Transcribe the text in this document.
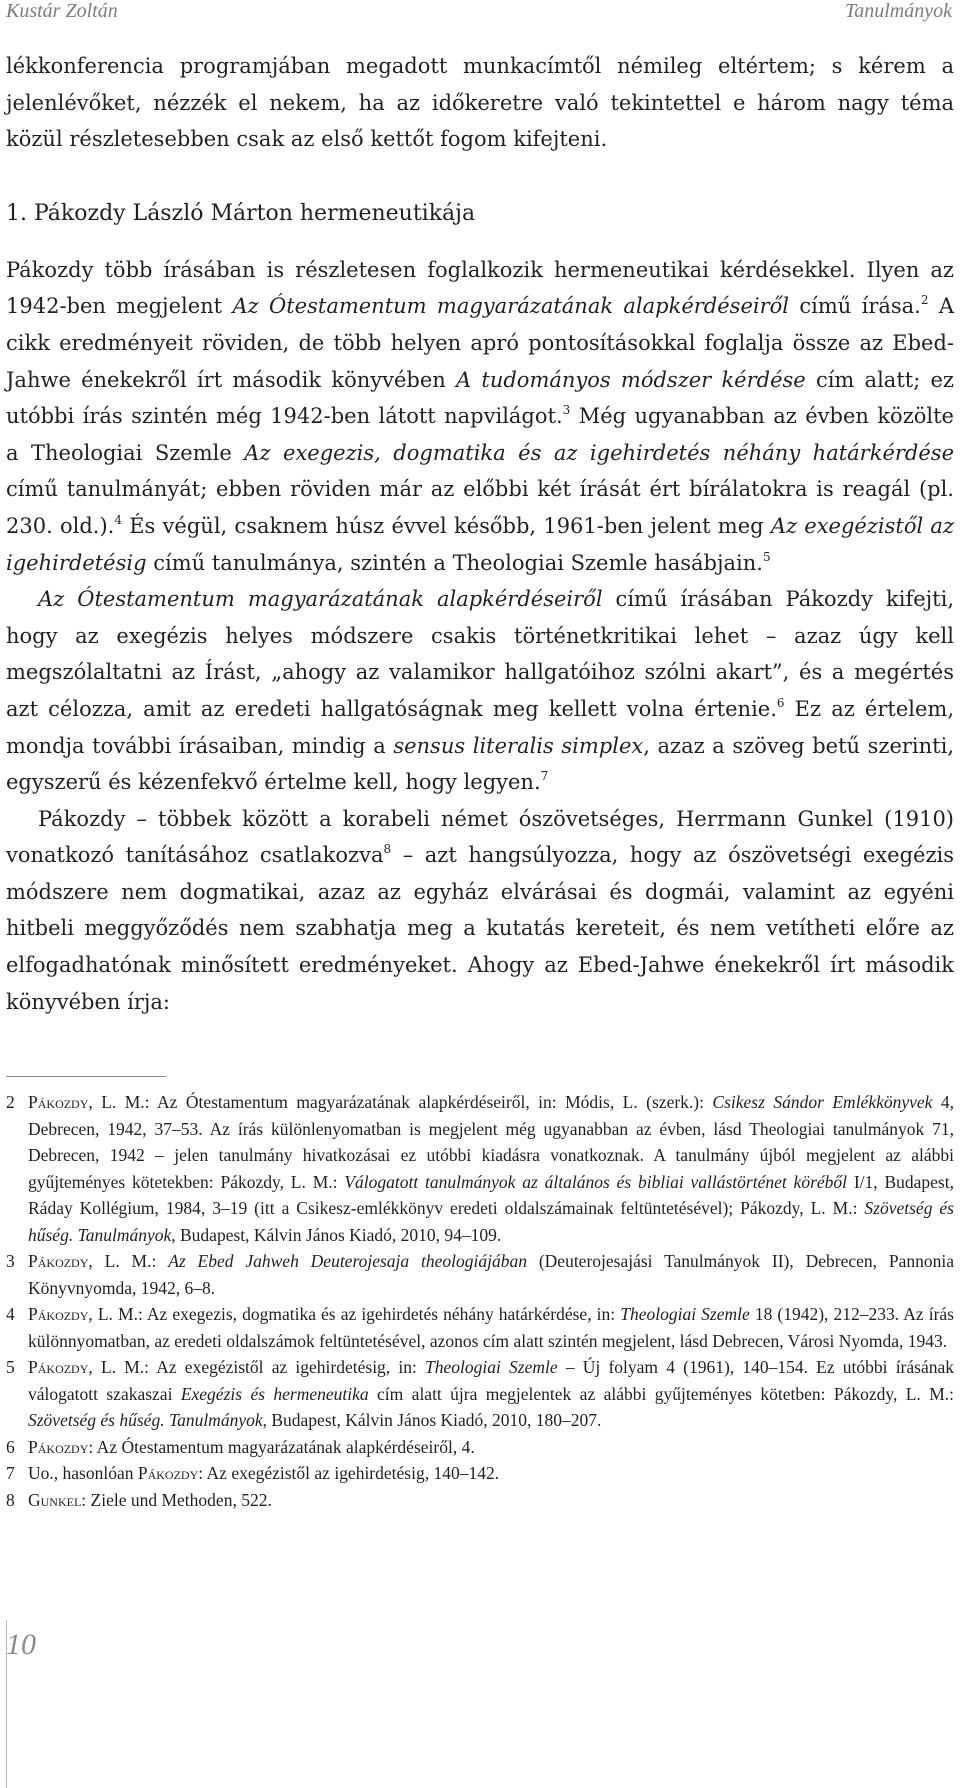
Kustár Zoltán	Tanulmányok

lékkonferencia programjában megadott munkacímtől némileg eltértem; s kérem a jelenlévőket, nézzék el nekem, ha az időkeretre való tekintettel e három nagy téma közül részletesebben csak az első kettőt fogom kifejteni.

1. Pákozdy László Márton hermeneutikája

Pákozdy több írásában is részletesen foglalkozik hermeneutikai kérdésekkel. Ilyen az 1942-ben megjelent Az Ótestamentum magyarázatának alapkérdéseiről című írása.$^2$ A cikk eredményeit röviden, de több helyen apró pontosításokkal foglalja össze az Ebed-Jahwe énekekről írt második könyvében A tudományos módszer kérdése cím alatt; ez utóbbi írás szintén még 1942-ben látott napvilágot.$^3$ Még ugyanabban az évben közölte a Theologiai Szemle Az exegezis, dogmatika és az igehirdetés néhány határkérdése című tanulmányát; ebben röviden már az előbbi két írását ért bírálatokra is reagál (pl. 230. old.).$^4$ És végül, csaknem húsz évvel később, 1961-ben jelent meg Az exegézistől az igehirdetésig című tanulmánya, szintén a Theologiai Szemle hasábjain.$^5$

Az Ótestamentum magyarázatának alapkérdéseiről című írásában Pákozdy kifejti, hogy az exegézis helyes módszere csakis történetkritikai lehet – azaz úgy kell megszólaltatni az Írást, „ahogy az valamikor hallgatóihoz szólni akart”, és a megértés azt célozza, amit az eredeti hallgatóságnak meg kellett volna értenie.$^6$ Ez az értelem, mondja további írásaiban, mindig a sensus literalis simplex, azaz a szöveg betű szerinti, egyszerű és kézenfekvő értelme kell, hogy legyen.$^7$

Pákozdy – többek között a korabeli német ószövetséges, Herrmann Gunkel (1910) vonatkozó tanításához csatlakozva$^8$ – azt hangsúlyozza, hogy az ószövetségi exegézis módszere nem dogmatikai, azaz az egyház elvárásai és dogmái, valamint az egyéni hitbeli meggyőződés nem szabhatja meg a kutatás kereteit, és nem vetítheti előre az elfogadhatónak minősített eredményeket. Ahogy az Ebed-Jahwe énekekről írt második könyvében írja:

2 Pákozdy, L. M.: Az Ótestamentum magyarázatának alapkérdéseiről, in: Módis, L. (szerk.): Csikesz Sándor Emlékkönyvek 4, Debrecen, 1942, 37–53. Az írás különlenyomatban is megjelent még ugyanabban az évben, lásd Theologiai tanulmányok 71, Debrecen, 1942 – jelen tanulmány hivatkozásai ez utóbbi kiadásra vonatkoznak. A tanulmány újból megjelent az alábbi gyűjteményes kötetekben: Pákozdy, L. M.: Válogatott tanulmányok az általános és bibliai vallástörténet köréből I/1, Budapest, Ráday Kollégium, 1984, 3–19 (itt a Csikesz-emlékkönyv eredeti oldalszámainak feltüntetésével); Pákozdy, L. M.: Szövetség és hűség. Tanulmányok, Budapest, Kálvin János Kiadó, 2010, 94–109.
3 Pákozdy, L. M.: Az Ebed Jahweh Deuterojesaja theologiájában (Deuterojesajási Tanulmányok II), Debrecen, Pannonia Könyvnyomda, 1942, 6–8.
4 Pákozdy, L. M.: Az exegezis, dogmatika és az igehirdetés néhány határkérdése, in: Theologiai Szemle 18 (1942), 212–233. Az írás különnyomatban, az eredeti oldalszámok feltüntetésével, azonos cím alatt szintén megjelent, lásd Debrecen, Városi Nyomda, 1943.
5 Pákozdy, L. M.: Az exegézistől az igehirdetésig, in: Theologiai Szemle – Új folyam 4 (1961), 140–154. Ez utóbbi írásának válogatott szakaszai Exegézis és hermeneutika cím alatt újra megjelentek az alábbi gyűjteményes kötetben: Pákozdy, L. M.: Szövetség és hűség. Tanulmányok, Budapest, Kálvin János Kiadó, 2010, 180–207.
6 Pákozdy: Az Ótestamentum magyarázatának alapkérdéseiről, 4.
7 Uo., hasonlóan Pákozdy: Az exegézistől az igehirdetésig, 140–142.
8 Gunkel: Ziele und Methoden, 522.
10
